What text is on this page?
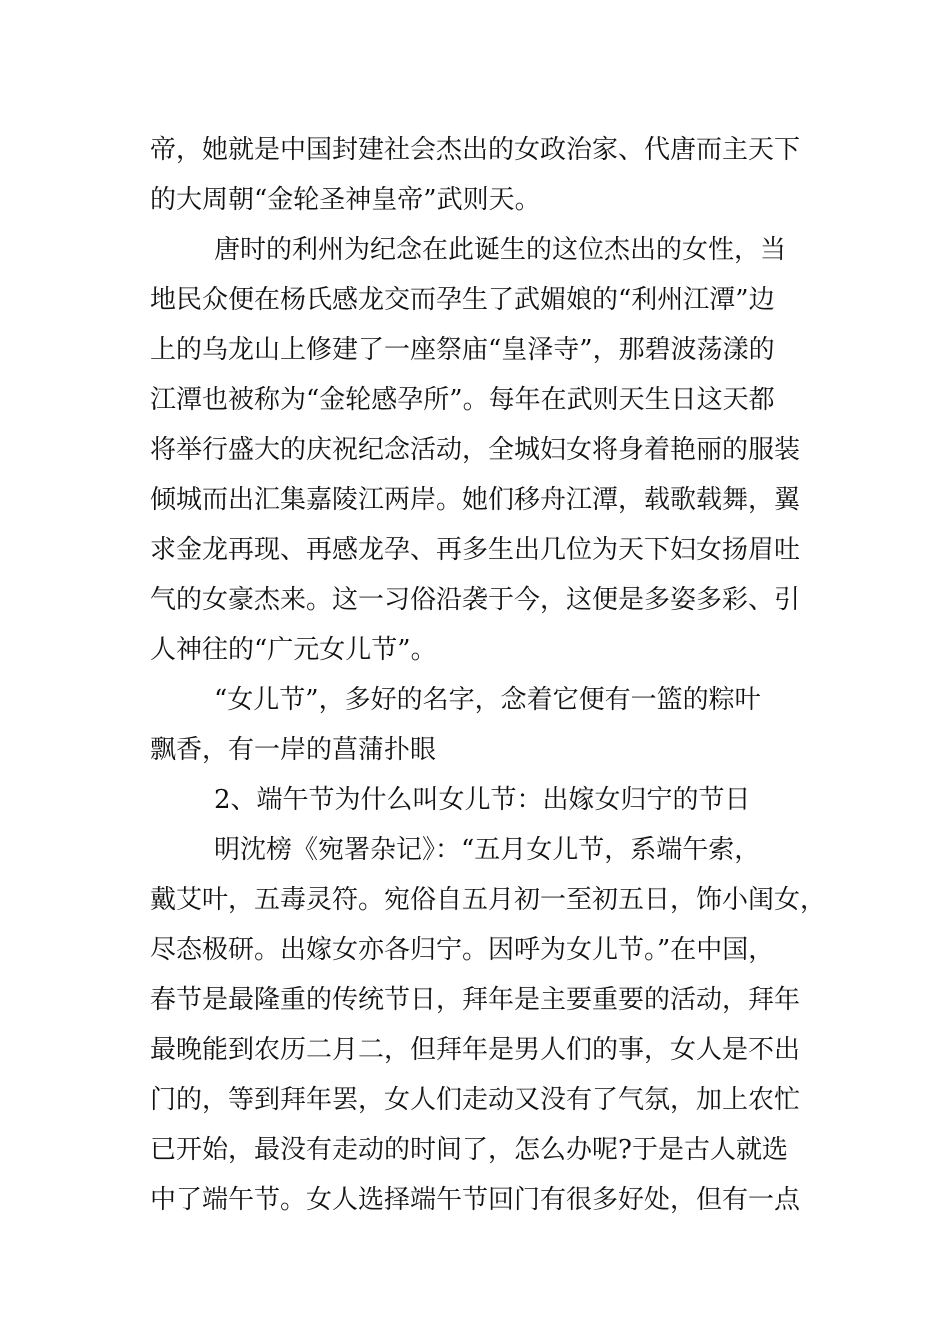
帝，她就是中国封建社会杰出的女政治家、代唐而主天下
的大周朝“金轮圣神皇帝”武则天。
唐时的利州为纪念在此诞生的这位杰出的女性，当
地民众便在杨氏感龙交而孕生了武媚娘的“利州江潭”边
上的乌龙山上修建了一座祭庙“皇泽寺”，那碧波荡漾的
江潭也被称为“金轮感孕所”。每年在武则天生日这天都
将举行盛大的庆祝纪念活动，全城妇女将身着艳丽的服装
倾城而出汇集嘉陵江两岸。她们移舟江潭，载歌载舞，翼
求金龙再现、再感龙孕、再多生出几位为天下妇女扬眉吐
气的女豪杰来。这一习俗沿袭于今，这便是多姿多彩、引
人神往的“广元女儿节”。
“女儿节”，多好的名字，念着它便有一篮的粽叶
飘香，有一岸的菖蒲扑眼
2、端午节为什么叫女儿节：出嫁女归宁的节日
明沈榜《宛署杂记》：“五月女儿节，系端午索，
戴艾叶，五毒灵符。宛俗自五月初一至初五日，饰小闺女，
尽态极研。出嫁女亦各归宁。因呼为女儿节。”在中国，
春节是最隆重的传统节日，拜年是主要重要的活动，拜年
最晚能到农历二月二，但拜年是男人们的事，女人是不出
门的，等到拜年罢，女人们走动又没有了气氛，加上农忙
已开始，最没有走动的时间了，怎么办呢?于是古人就选
中了端午节。女人选择端午节回门有很多好处，但有一点
